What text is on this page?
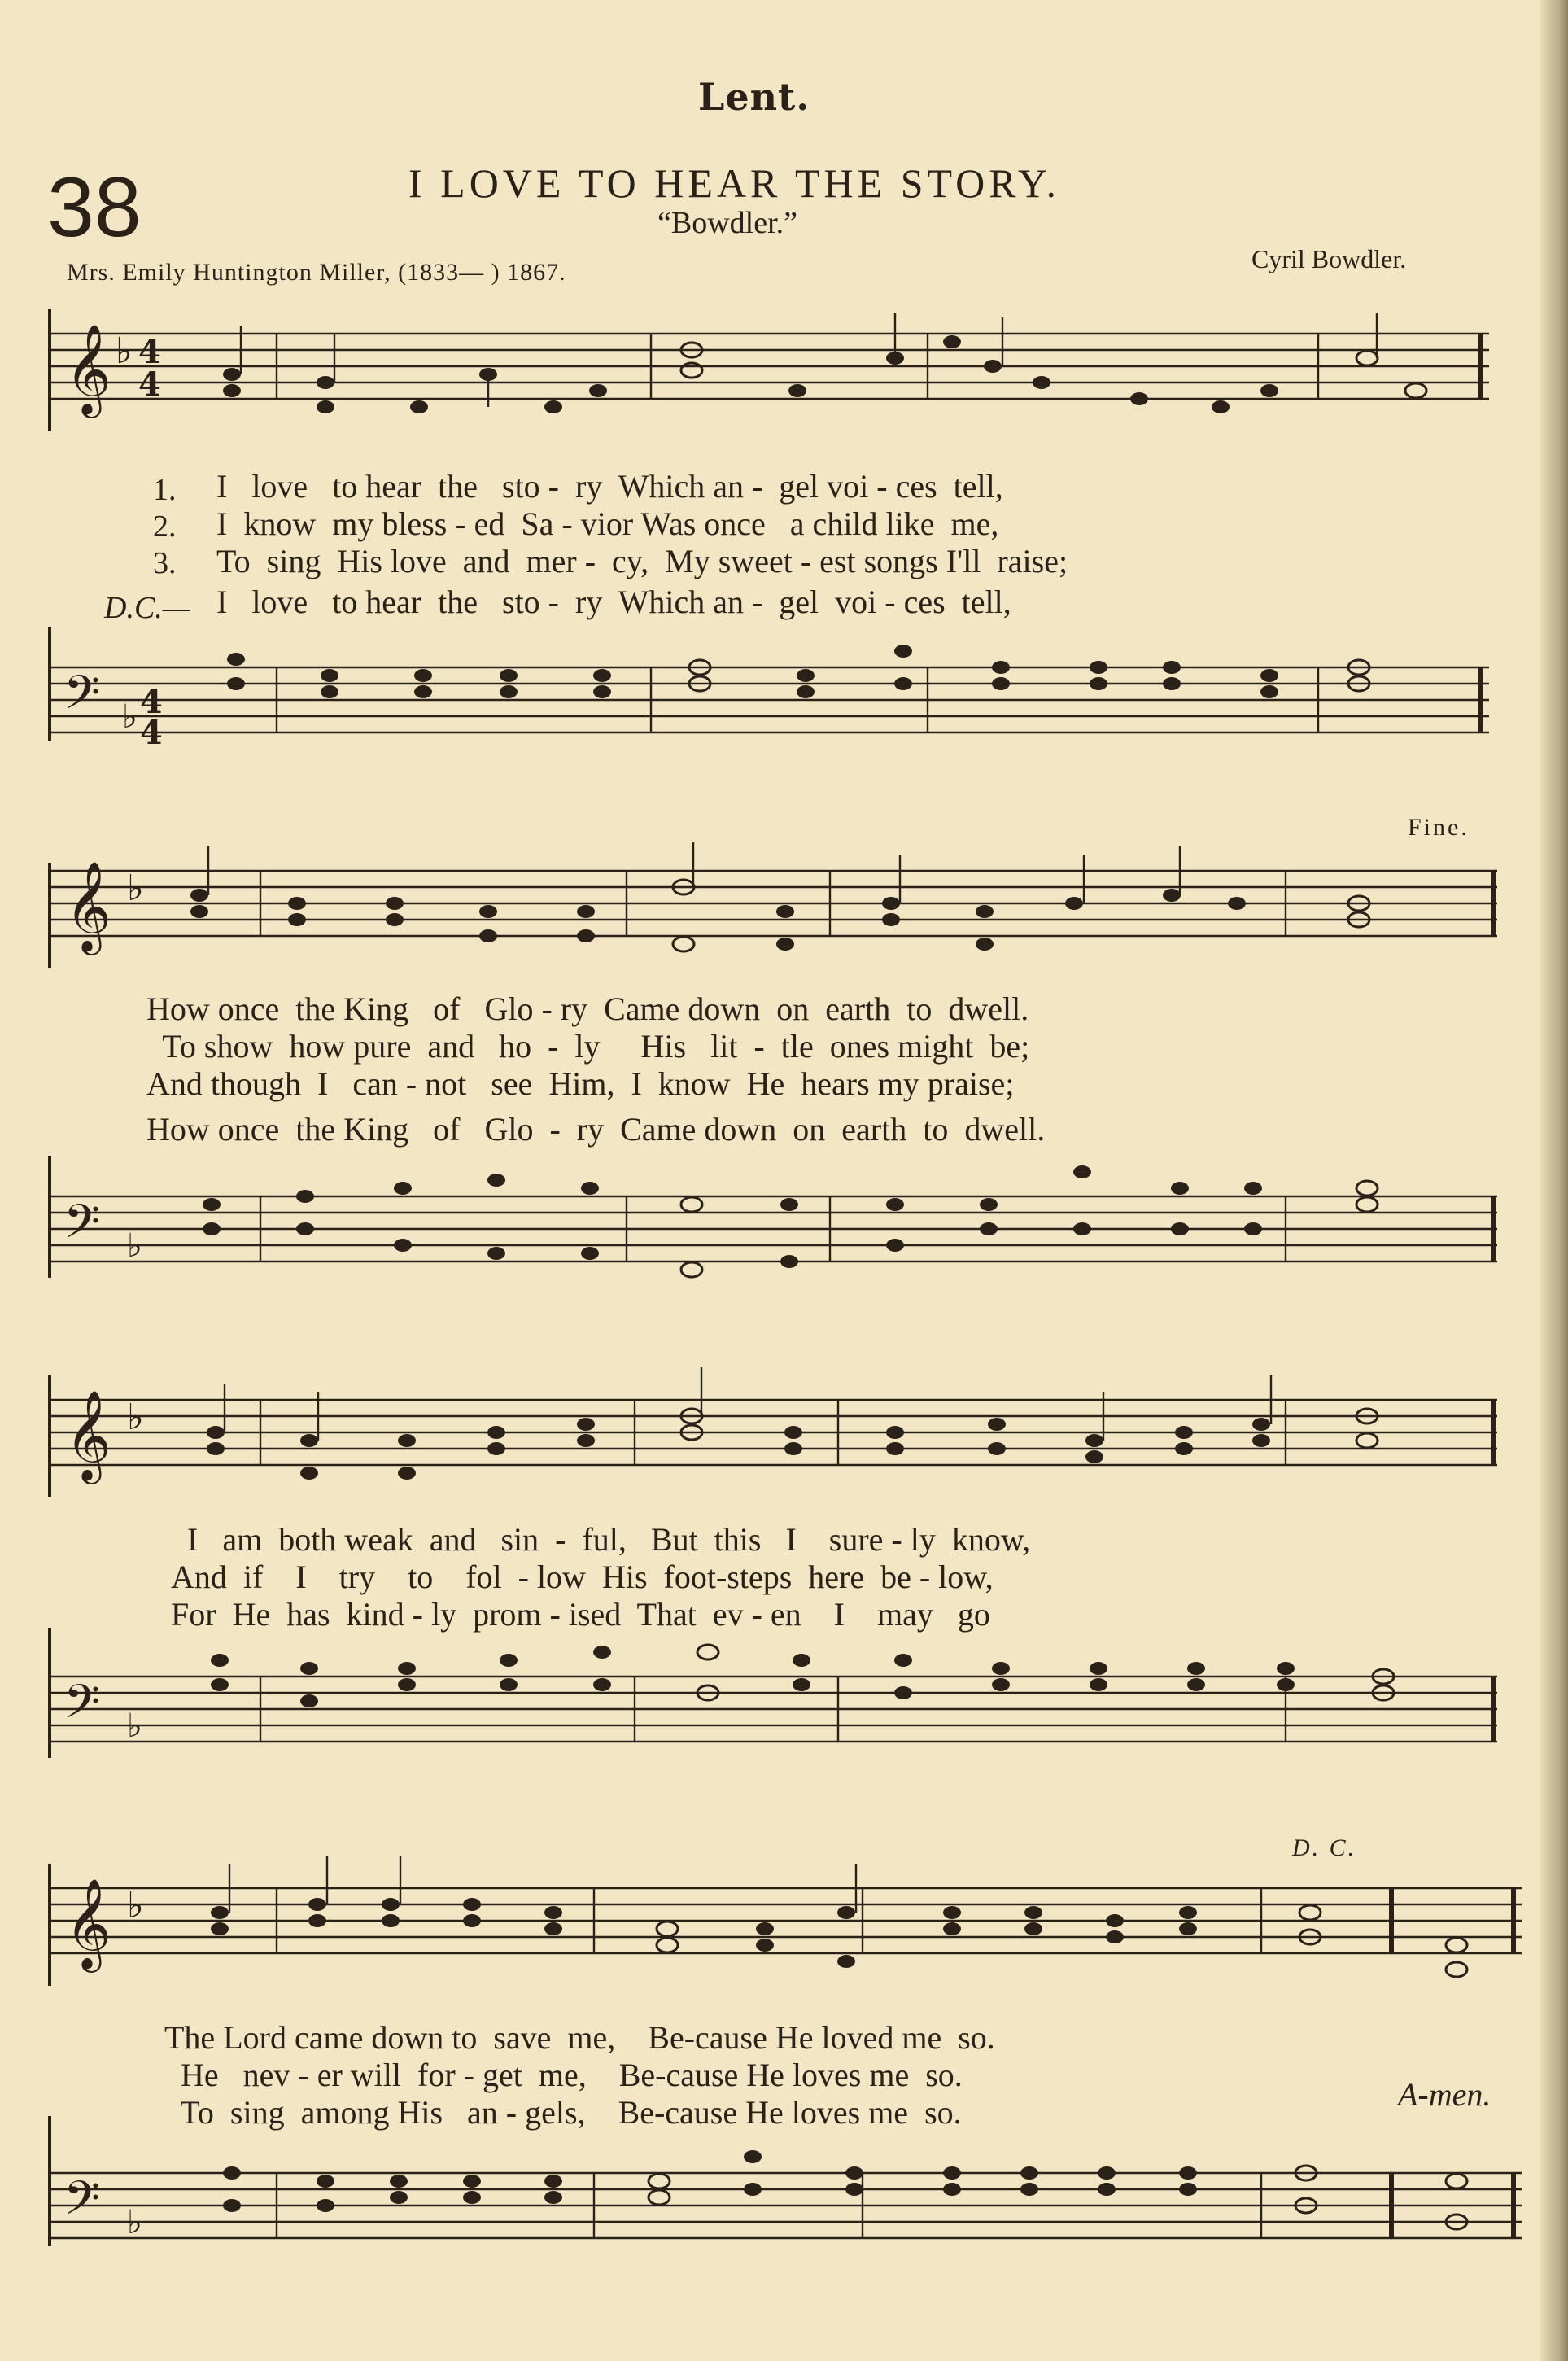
Lent.
38	I LOVE TO HEAR THE STORY.
“Bowdler.”
Mrs. Emily Huntington Miller, (1833— ) 1867.	Cyril Bowdler.
𝄞 ♭ 4
4
1.
2.
3.
D.C.—
I   love   to hear  the   sto -  ry  Which an -  gel voi - ces  tell,
I  know  my bless - ed  Sa - vior Was once   a child like  me,
To  sing  His love  and  mer -  cy,  My sweet - est songs I'll  raise;
I   love   to hear  the   sto -  ry  Which an -  gel  voi - ces  tell,
𝄢 ♭ 4
4
Fine.
𝄞 ♭
How once  the King   of   Glo - ry  Came down  on  earth  to  dwell.
To show  how pure  and   ho  -  ly     His   lit  -  tle  ones might  be;
And though  I   can - not   see  Him,  I  know  He  hears my praise;
How once  the King   of   Glo  -  ry  Came down  on  earth  to  dwell.
𝄢 ♭
𝄞 ♭
I   am  both weak  and   sin  -  ful,   But  this   I    sure - ly  know,
And  if    I    try    to    fol  - low  His  foot-steps  here  be - low,
For  He  has  kind - ly  prom - ised  That  ev - en    I    may   go
𝄢 ♭
D. C.
𝄞 ♭
The Lord came down to  save  me,    Be-cause He loved me  so.
He   nev - er will  for - get  me,    Be-cause He loves me  so.
To  sing  among His   an - gels,    Be-cause He loves me  so.	A-men.
𝄢 ♭
